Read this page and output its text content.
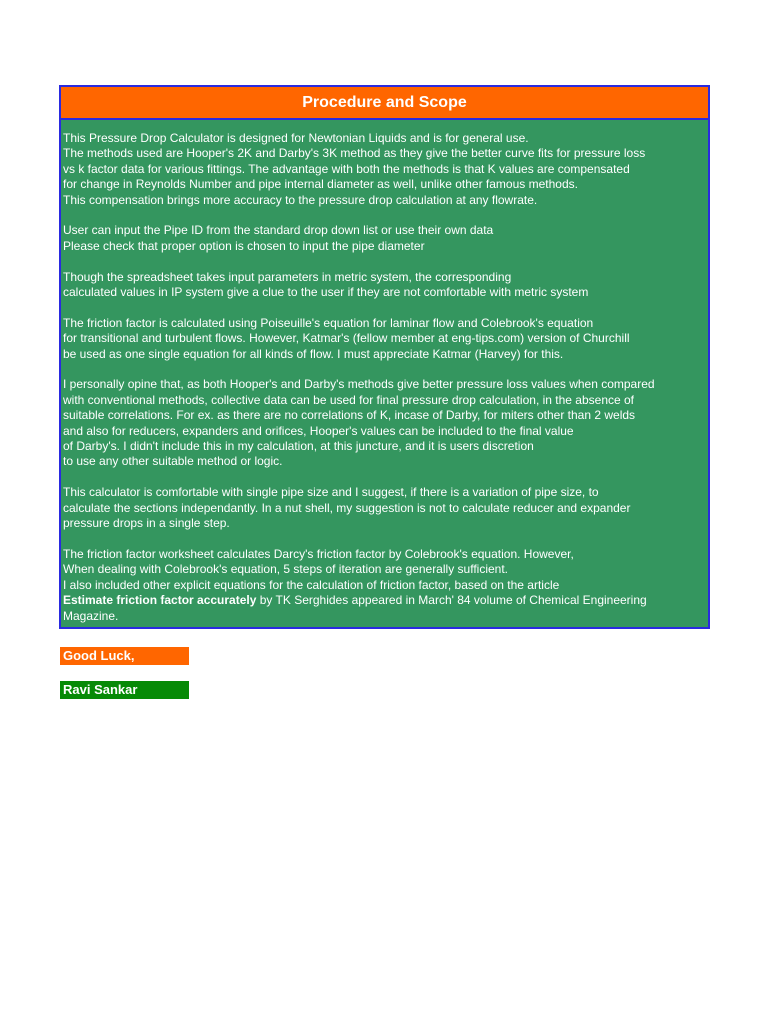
Procedure and Scope
This Pressure Drop Calculator is designed for Newtonian Liquids and is for general use.
The methods used are Hooper's 2K and Darby's 3K method as they give the better curve fits for pressure loss
vs k factor data for various fittings. The advantage with both the methods is that K values are compensated
for change in Reynolds Number and pipe internal diameter as well, unlike other famous methods.
This compensation brings more accuracy to the pressure drop calculation at any flowrate.
User can input the Pipe ID from the standard drop down list or use their own data
Please check that proper option is chosen to input the pipe diameter
Though the spreadsheet takes input parameters in metric system, the corresponding
calculated values in IP system give a clue to the user if they are not comfortable with metric system
The friction factor is calculated using Poiseuille's equation for laminar flow and Colebrook's equation
for transitional and turbulent flows. However, Katmar's (fellow member at eng-tips.com) version of Churchill
be used as one single equation for all kinds of flow. I must appreciate Katmar (Harvey) for this.
I personally opine that, as both Hooper's and Darby's methods give better pressure loss values when compared
with conventional methods, collective data can be used for final pressure drop calculation, in the absence of
suitable correlations. For ex. as there are no correlations of K, incase of Darby, for miters other than 2 welds
and also for reducers, expanders and orifices, Hooper's values can be included to the final value
of Darby's. I didn't include this in my calculation, at this juncture, and it is users discretion
to use any other suitable method or logic.
This calculator is comfortable with single pipe size and I suggest, if there is a variation of pipe size, to
calculate the sections independantly. In a nut shell, my suggestion is not to calculate reducer and expander
pressure drops in a single step.
The friction factor worksheet calculates Darcy's friction factor by Colebrook's equation. However,
When dealing with Colebrook's equation, 5 steps of iteration are generally sufficient.
I also included other explicit equations for the calculation of friction factor, based on the article
Estimate friction factor accurately by TK Serghides appeared in March' 84 volume of Chemical Engineering
Magazine.
Good Luck,
Ravi Sankar
